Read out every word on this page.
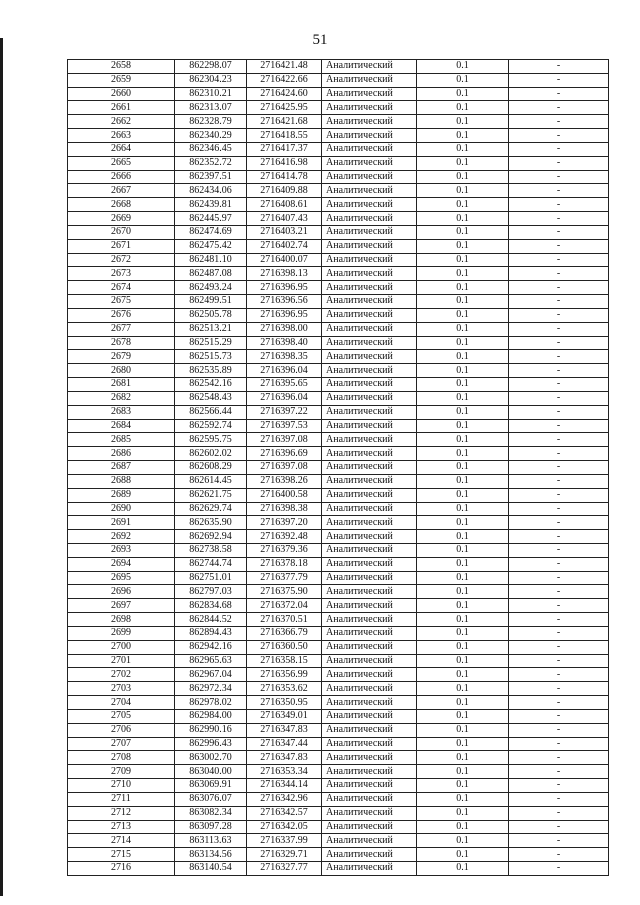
51
2658	862298.07	2716421.48	Аналитический	0.1	-
2659	862304.23	2716422.66	Аналитический	0.1	-
2660	862310.21	2716424.60	Аналитический	0.1	-
2661	862313.07	2716425.95	Аналитический	0.1	-
2662	862328.79	2716421.68	Аналитический	0.1	-
2663	862340.29	2716418.55	Аналитический	0.1	-
2664	862346.45	2716417.37	Аналитический	0.1	-
2665	862352.72	2716416.98	Аналитический	0.1	-
2666	862397.51	2716414.78	Аналитический	0.1	-
2667	862434.06	2716409.88	Аналитический	0.1	-
2668	862439.81	2716408.61	Аналитический	0.1	-
2669	862445.97	2716407.43	Аналитический	0.1	-
2670	862474.69	2716403.21	Аналитический	0.1	-
2671	862475.42	2716402.74	Аналитический	0.1	-
2672	862481.10	2716400.07	Аналитический	0.1	-
2673	862487.08	2716398.13	Аналитический	0.1	-
2674	862493.24	2716396.95	Аналитический	0.1	-
2675	862499.51	2716396.56	Аналитический	0.1	-
2676	862505.78	2716396.95	Аналитический	0.1	-
2677	862513.21	2716398.00	Аналитический	0.1	-
2678	862515.29	2716398.40	Аналитический	0.1	-
2679	862515.73	2716398.35	Аналитический	0.1	-
2680	862535.89	2716396.04	Аналитический	0.1	-
2681	862542.16	2716395.65	Аналитический	0.1	-
2682	862548.43	2716396.04	Аналитический	0.1	-
2683	862566.44	2716397.22	Аналитический	0.1	-
2684	862592.74	2716397.53	Аналитический	0.1	-
2685	862595.75	2716397.08	Аналитический	0.1	-
2686	862602.02	2716396.69	Аналитический	0.1	-
2687	862608.29	2716397.08	Аналитический	0.1	-
2688	862614.45	2716398.26	Аналитический	0.1	-
2689	862621.75	2716400.58	Аналитический	0.1	-
2690	862629.74	2716398.38	Аналитический	0.1	-
2691	862635.90	2716397.20	Аналитический	0.1	-
2692	862692.94	2716392.48	Аналитический	0.1	-
2693	862738.58	2716379.36	Аналитический	0.1	-
2694	862744.74	2716378.18	Аналитический	0.1	-
2695	862751.01	2716377.79	Аналитический	0.1	-
2696	862797.03	2716375.90	Аналитический	0.1	-
2697	862834.68	2716372.04	Аналитический	0.1	-
2698	862844.52	2716370.51	Аналитический	0.1	-
2699	862894.43	2716366.79	Аналитический	0.1	-
2700	862942.16	2716360.50	Аналитический	0.1	-
2701	862965.63	2716358.15	Аналитический	0.1	-
2702	862967.04	2716356.99	Аналитический	0.1	-
2703	862972.34	2716353.62	Аналитический	0.1	-
2704	862978.02	2716350.95	Аналитический	0.1	-
2705	862984.00	2716349.01	Аналитический	0.1	-
2706	862990.16	2716347.83	Аналитический	0.1	-
2707	862996.43	2716347.44	Аналитический	0.1	-
2708	863002.70	2716347.83	Аналитический	0.1	-
2709	863040.00	2716353.34	Аналитический	0.1	-
2710	863069.91	2716344.14	Аналитический	0.1	-
2711	863076.07	2716342.96	Аналитический	0.1	-
2712	863082.34	2716342.57	Аналитический	0.1	-
2713	863097.28	2716342.05	Аналитический	0.1	-
2714	863113.63	2716337.99	Аналитический	0.1	-
2715	863134.56	2716329.71	Аналитический	0.1	-
2716	863140.54	2716327.77	Аналитический	0.1	-
